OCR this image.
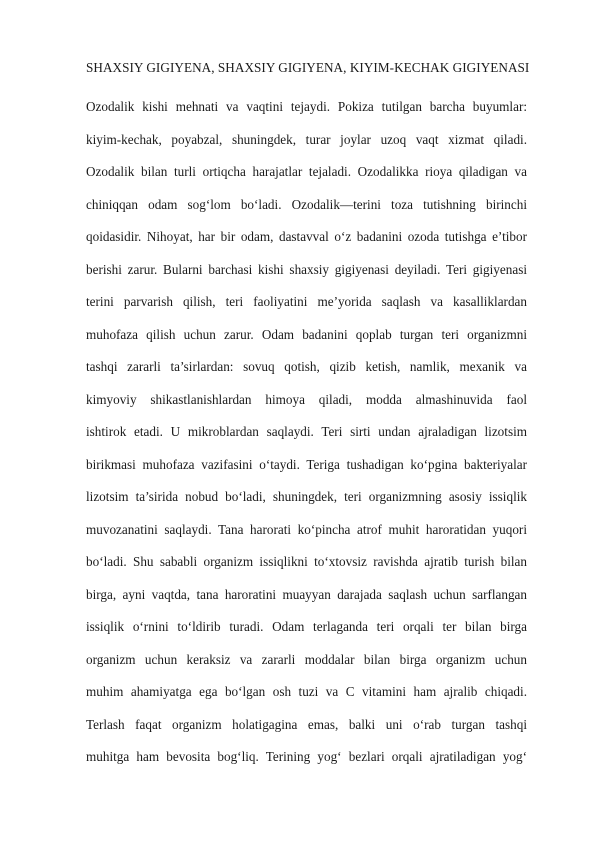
SHAXSIY GIGIYENA, SHAXSIY GIGIYENA, KIYIM-KECHAK GIGIYENASI
Ozodalik kishi mehnati va vaqtini tejaydi. Pokiza tutilgan barcha buyumlar:
kiyim-kechak, poyabzal, shuningdek, turar joylar uzoq vaqt xizmat qiladi.
Ozodalik bilan turli ortiqcha harajatlar tejaladi. Ozodalikka rioya qiladigan va
chiniqqan odam sog‘lom bo‘ladi. Ozodalik—terini toza tutishning birinchi
qoidasidir. Nihoyat, har bir odam, dastavval o‘z badanini ozoda tutishga e’tibor
berishi zarur. Bularni barchasi kishi shaxsiy gigiyenasi deyiladi. Teri gigiyenasi
terini parvarish qilish, teri faoliyatini me’yorida saqlash va kasalliklardan
muhofaza qilish uchun zarur. Odam badanini qoplab turgan teri organizmni
tashqi zararli ta’sirlardan: sovuq qotish, qizib ketish, namlik, mexanik va
kimyoviy shikastlanishlardan himoya qiladi, modda almashinuvida faol
ishtirok etadi. U mikroblardan saqlaydi. Teri sirti undan ajraladigan lizotsim
birikmasi muhofaza vazifasini o‘taydi. Teriga tushadigan ko‘pgina bakteriyalar
lizotsim ta’sirida nobud bo‘ladi, shuningdek, teri organizmning asosiy issiqlik
muvozanatini saqlaydi. Tana harorati ko‘pincha atrof muhit haroratidan yuqori
bo‘ladi. Shu sababli organizm issiqlikni to‘xtovsiz ravishda ajratib turish bilan
birga, ayni vaqtda, tana haroratini muayyan darajada saqlash uchun sarflangan
issiqlik o‘rnini to‘ldirib turadi. Odam terlaganda teri orqali ter bilan birga
organizm uchun keraksiz va zararli moddalar bilan birga organizm uchun
muhim ahamiyatga ega bo‘lgan osh tuzi va C vitamini ham ajralib chiqadi.
Terlash faqat organizm holatigagina emas, balki uni o‘rab turgan tashqi
muhitga ham bevosita bog‘liq. Terining yog‘ bezlari orqali ajratiladigan yog‘
